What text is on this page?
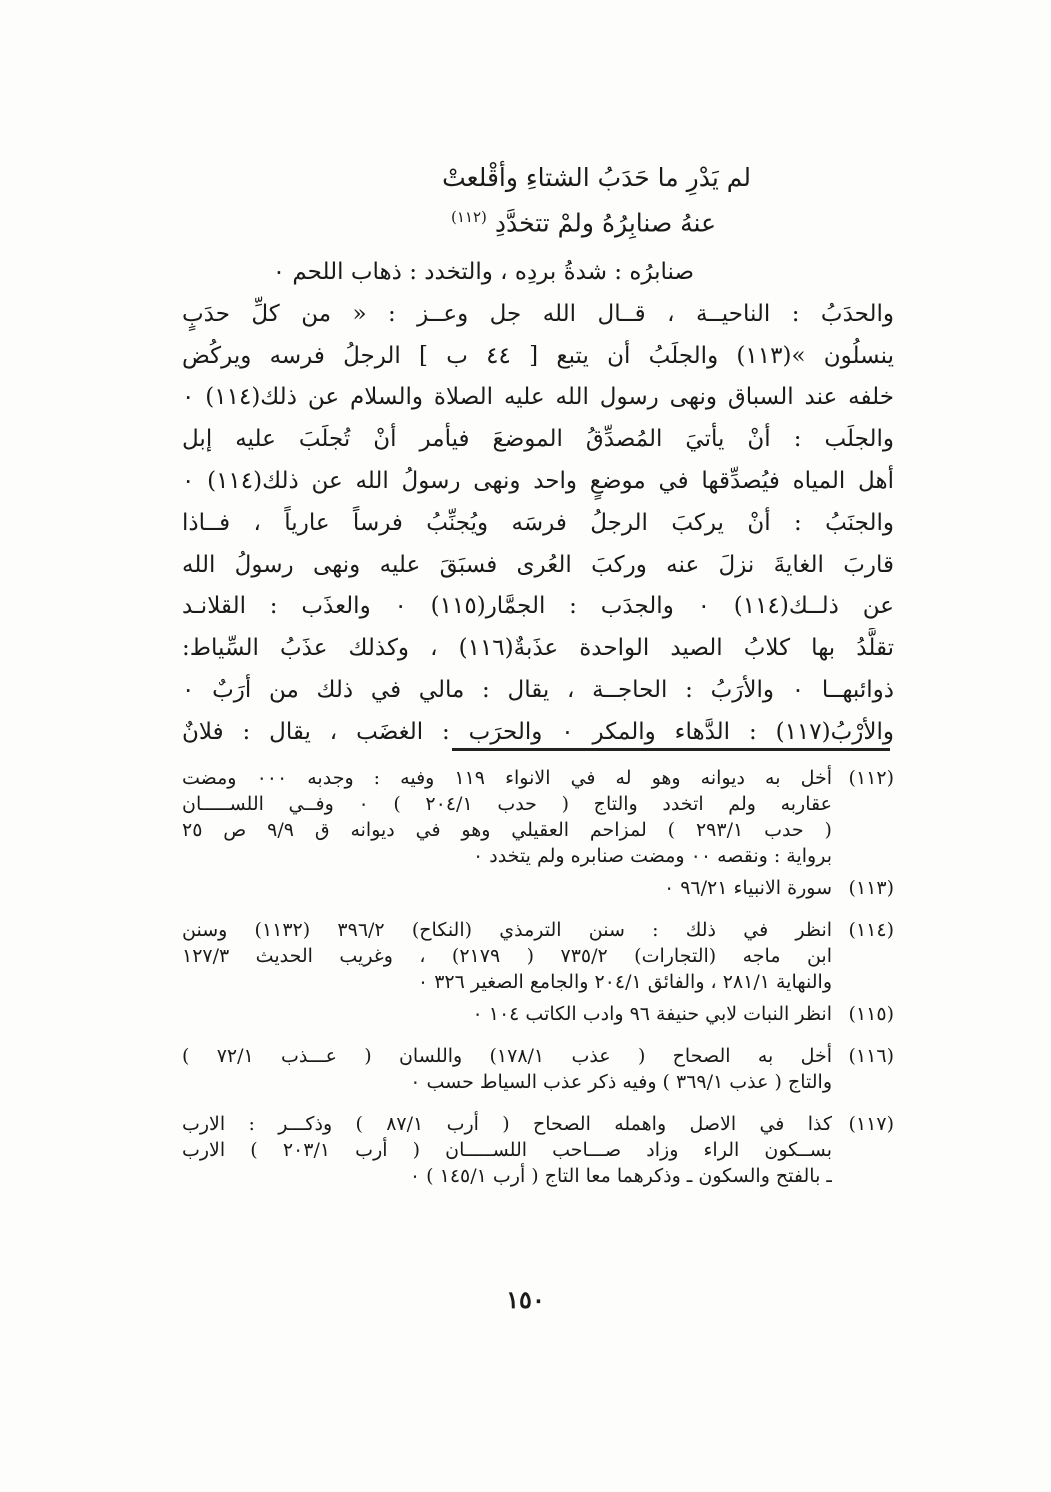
لم يَدْرِ ما حَدَبُ الشتاءِ وأقْلعتْ
عنهُ صنابِرُهُ ولمْ تتخدَّدِ $^{(١١٢)}$
صنابرُه : شدةُ بردِه ، والتخدد : ذهاب اللحم ٠
والحدَبُ : الناحيــة ، قــال الله جل وعــز : « من كلِّ حدَبٍ
ينسلُون »(١١٣) والجلَبُ أن يتبع [ ٤٤ ب ] الرجلُ فرسه ويركُض
خلفه عند السباق ونهى رسول الله عليه الصلاة والسلام عن ذلك(١١٤) ٠
والجلَب : أنْ يأتيَ المُصدِّقُ الموضعَ فيأمر أنْ تُجلَبَ عليه إبل
أهل المياه فيُصدِّقها في موضعٍ واحد ونهى رسولُ الله عن ذلك(١١٤) ٠
والجنَبُ : أنْ يركبَ الرجلُ فرسَه ويُجنِّبُ فرساً عارياً ، فــاذا
قاربَ الغايةَ نزلَ عنه وركبَ العُرى فسبَقَ عليه ونهى رسولُ الله
عن ذلــك(١١٤) ٠ والجدَب : الجمَّار(١١٥) ٠ والعذَب : القلانـد
تقلَّدُ بها كلابُ الصيد الواحدة عذَبةٌ(١١٦) ، وكذلك عذَبُ السِّياط:
ذوائبهــا ٠ والأرَبُ : الحاجــة ، يقال : مالي في ذلك من أرَبٌ ٠
والأرْبُ(١١٧) : الدَّهاء والمكر ٠ والحرَب : الغضَب ، يقال : فلانٌ
(١١٢)
أخل به ديوانه وهو له في الانواء ١١٩ وفيه : وجدبه ٠٠٠ ومضت
عقاربه ولم اتخدد والتاج ( حدب ٢٠٤/١ ) ٠ وفــي اللســـــان
( حدب ٢٩٣/١ ) لمزاحم العقيلي وهو في ديوانه ق ٩/٩ ص ٢٥
برواية : ونقصه ٠٠ ومضت صنابره ولم يتخدد ٠
(١١٣)
سورة الانبياء ٩٦/٢١ ٠
(١١٤)
انظر في ذلك : سنن الترمذي (النكاح) ٣٩٦/٢ (١١٣٢) وسنن
ابن ماجه (التجارات) ٧٣٥/٢ ( ٢١٧٩) ، وغريب الحديث ١٢٧/٣
والنهاية ٢٨١/١ ، والفائق ٢٠٤/١ والجامع الصغير ٣٢٦ ٠
(١١٥)
انظر النبات لابي حنيفة ٩٦ وادب الكاتب ١٠٤ ٠
(١١٦)
أخل به الصحاح ( عذب ١٧٨/١) واللسان ( عـــذب ٧٢/١ )
والتاج ( عذب ٣٦٩/١ ) وفيه ذكر عذب السياط حسب ٠
(١١٧)
كذا في الاصل واهمله الصحاح ( أرب ٨٧/١ ) وذكـــر : الارب
بســكون الراء وزاد صـــاحب اللســـــان ( أرب ٢٠٣/١ ) الارب
ـ بالفتح والسكون ـ وذكرهما معا التاج ( أرب ١٤٥/١ ) ٠
١٥٠
